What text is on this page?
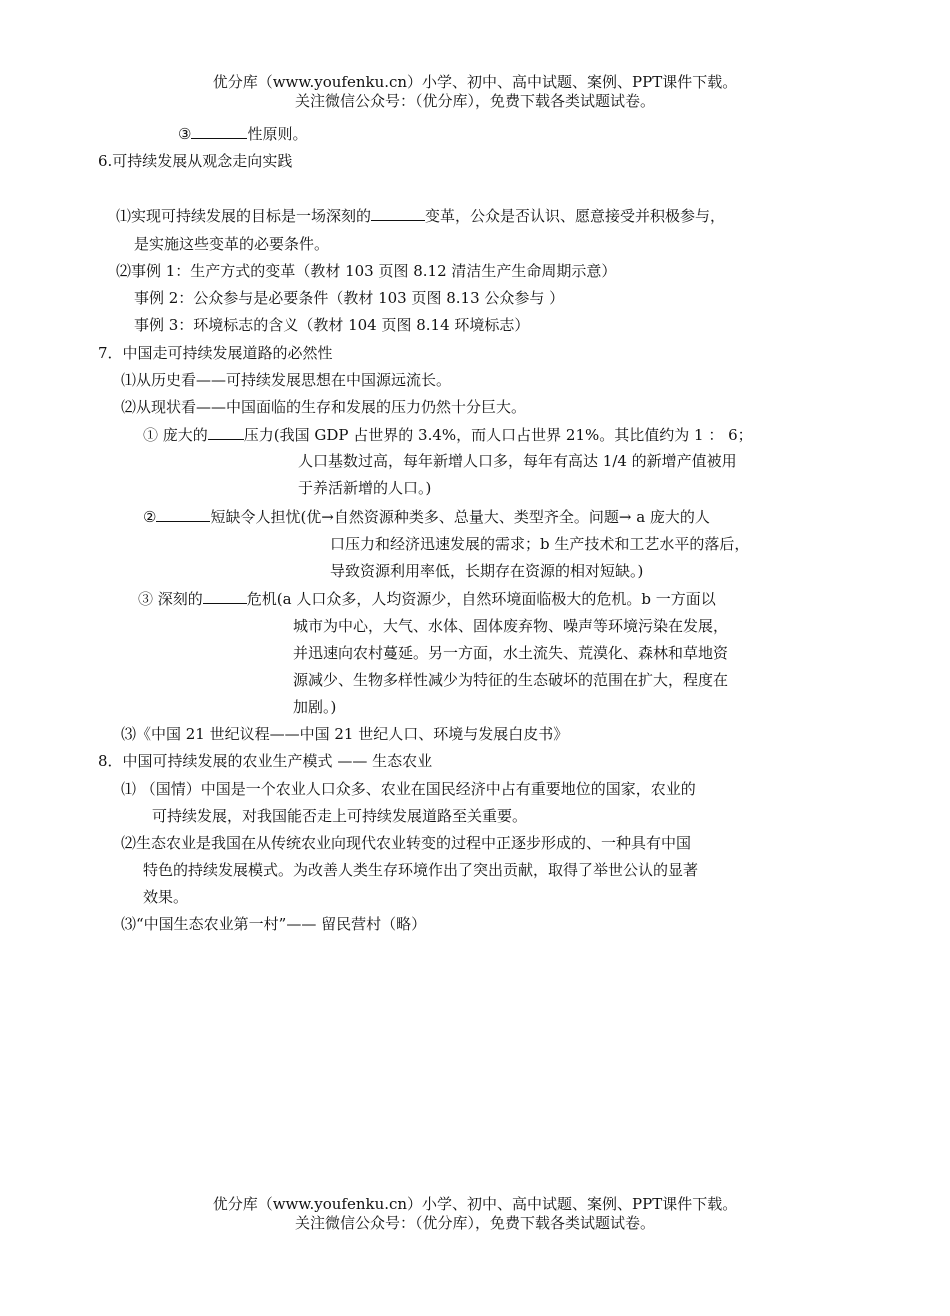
优分库（www.youfenku.cn）小学、初中、高中试题、案例、PPT课件下载。
关注微信公众号：（优分库），免费下载各类试题试卷。
③	性原则。
6.可持续发展从观念走向实践
⑴实现可持续发展的目标是一场深刻的	变革，公众是否认识、愿意接受并积极参与，
是实施这些变革的必要条件。
⑵事例 1：生产方式的变革（教材 103 页图 8.12 清洁生产生命周期示意）
事例 2：公众参与是必要条件（教材 103 页图 8.13 公众参与 ）
事例 3：环境标志的含义（教材 104 页图 8.14 环境标志）
7．中国走可持续发展道路的必然性
⑴从历史看——可持续发展思想在中国源远流长。
⑵从现状看——中国面临的生存和发展的压力仍然十分巨大。
① 庞大的 压力(我国 GDP 占世界的 3.4%，而人口占世界 21%。其比值约为 1 ： 6；
人口基数过高，每年新增人口多，每年有高达 1/4 的新增产值被用
于养活新增的人口。)
②	短缺令人担忧(优→自然资源种类多、总量大、类型齐全。问题→ a 庞大的人
口压力和经济迅速发展的需求；b 生产技术和工艺水平的落后，
导致资源利用率低，长期存在资源的相对短缺。)
③ 深刻的	危机(a 人口众多，人均资源少，自然环境面临极大的危机。b 一方面以
城市为中心，大气、水体、固体废弃物、噪声等环境污染在发展，
并迅速向农村蔓延。另一方面，水土流失、荒漠化、森林和草地资
源减少、生物多样性减少为特征的生态破坏的范围在扩大，程度在
加剧。)
⑶《中国 21 世纪议程——中国 21 世纪人口、环境与发展白皮书》
8．中国可持续发展的农业生产模式 —— 生态农业
⑴ （国情）中国是一个农业人口众多、农业在国民经济中占有重要地位的国家，农业的
可持续发展，对我国能否走上可持续发展道路至关重要。
⑵生态农业是我国在从传统农业向现代农业转变的过程中正逐步形成的、一种具有中国
特色的持续发展模式。为改善人类生存环境作出了突出贡献，取得了举世公认的显著
效果。
⑶“中国生态农业第一村”—— 留民营村（略）
优分库（www.youfenku.cn）小学、初中、高中试题、案例、PPT课件下载。
关注微信公众号：（优分库），免费下载各类试题试卷。
